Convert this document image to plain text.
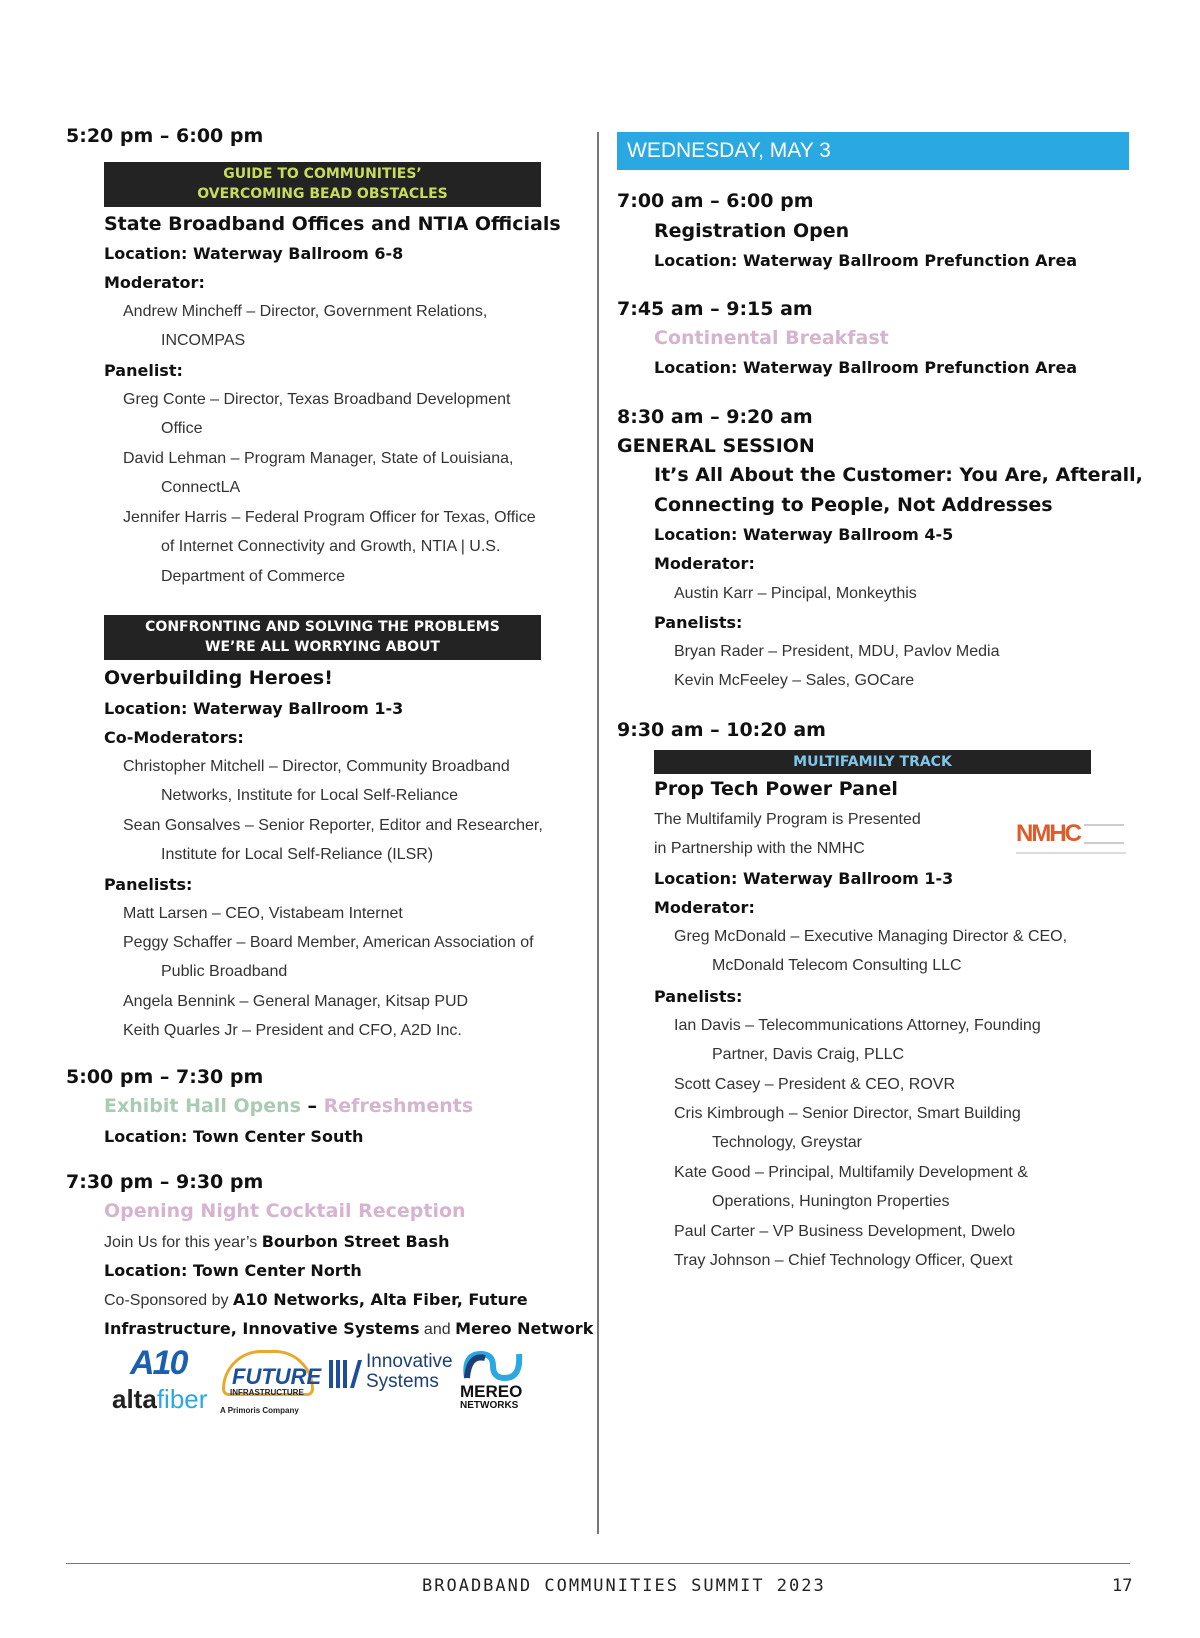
5:20 pm – 6:00 pm
GUIDE TO COMMUNITIES’
OVERCOMING BEAD OBSTACLES
State Broadband Offices and NTIA Officials
Location: Waterway Ballroom 6-8
Moderator:
Andrew Mincheff – Director, Government Relations,
INCOMPAS
Panelist:
Greg Conte – Director, Texas Broadband Development
Office
David Lehman – Program Manager, State of Louisiana,
ConnectLA
Jennifer Harris – Federal Program Officer for Texas, Office
of Internet Connectivity and Growth, NTIA | U.S.
Department of Commerce
CONFRONTING AND SOLVING THE PROBLEMS
WE’RE ALL WORRYING ABOUT
Overbuilding Heroes!
Location: Waterway Ballroom 1-3
Co-Moderators:
Christopher Mitchell – Director, Community Broadband
Networks, Institute for Local Self-Reliance
Sean Gonsalves – Senior Reporter, Editor and Researcher,
Institute for Local Self-Reliance (ILSR)
Panelists:
Matt Larsen – CEO, Vistabeam Internet
Peggy Schaffer – Board Member, American Association of
Public Broadband
Angela Bennink – General Manager, Kitsap PUD
Keith Quarles Jr – President and CFO, A2D Inc.
5:00 pm – 7:30 pm
Exhibit Hall Opens – Refreshments
Location: Town Center South
7:30 pm – 9:30 pm
Opening Night Cocktail Reception
Join Us for this year’s Bourbon Street Bash
Location: Town Center North
Co-Sponsored by A10 Networks, Alta Fiber, Future
Infrastructure, Innovative Systems and Mereo Network
A10
altafiber
FUTURE
INFRASTRUCTURE
A Primoris Company
Innovative
Systems MEREO
NETWORKS
WEDNESDAY, MAY 3
7:00 am – 6:00 pm
Registration Open
Location: Waterway Ballroom Prefunction Area
7:45 am – 9:15 am
Continental Breakfast
Location: Waterway Ballroom Prefunction Area
8:30 am – 9:20 am
GENERAL SESSION
It’s All About the Customer: You Are, Afterall,
Connecting to People, Not Addresses
Location: Waterway Ballroom 4-5
Moderator:
Austin Karr – Pincipal, Monkeythis
Panelists:
Bryan Rader – President, MDU, Pavlov Media
Kevin McFeeley – Sales, GOCare
9:30 am – 10:20 am
MULTIFAMILY TRACK
Prop Tech Power Panel
The Multifamily Program is Presented
in Partnership with the NMHC
NMHC
Location: Waterway Ballroom 1-3
Moderator:
Greg McDonald – Executive Managing Director & CEO,
McDonald Telecom Consulting LLC
Panelists:
Ian Davis – Telecommunications Attorney, Founding
Partner, Davis Craig, PLLC
Scott Casey – President & CEO, ROVR
Cris Kimbrough – Senior Director, Smart Building
Technology, Greystar
Kate Good – Principal, Multifamily Development &
Operations, Hunington Properties
Paul Carter – VP Business Development, Dwelo
Tray Johnson – Chief Technology Officer, Quext
BROADBAND COMMUNITIES SUMMIT 2023	17
